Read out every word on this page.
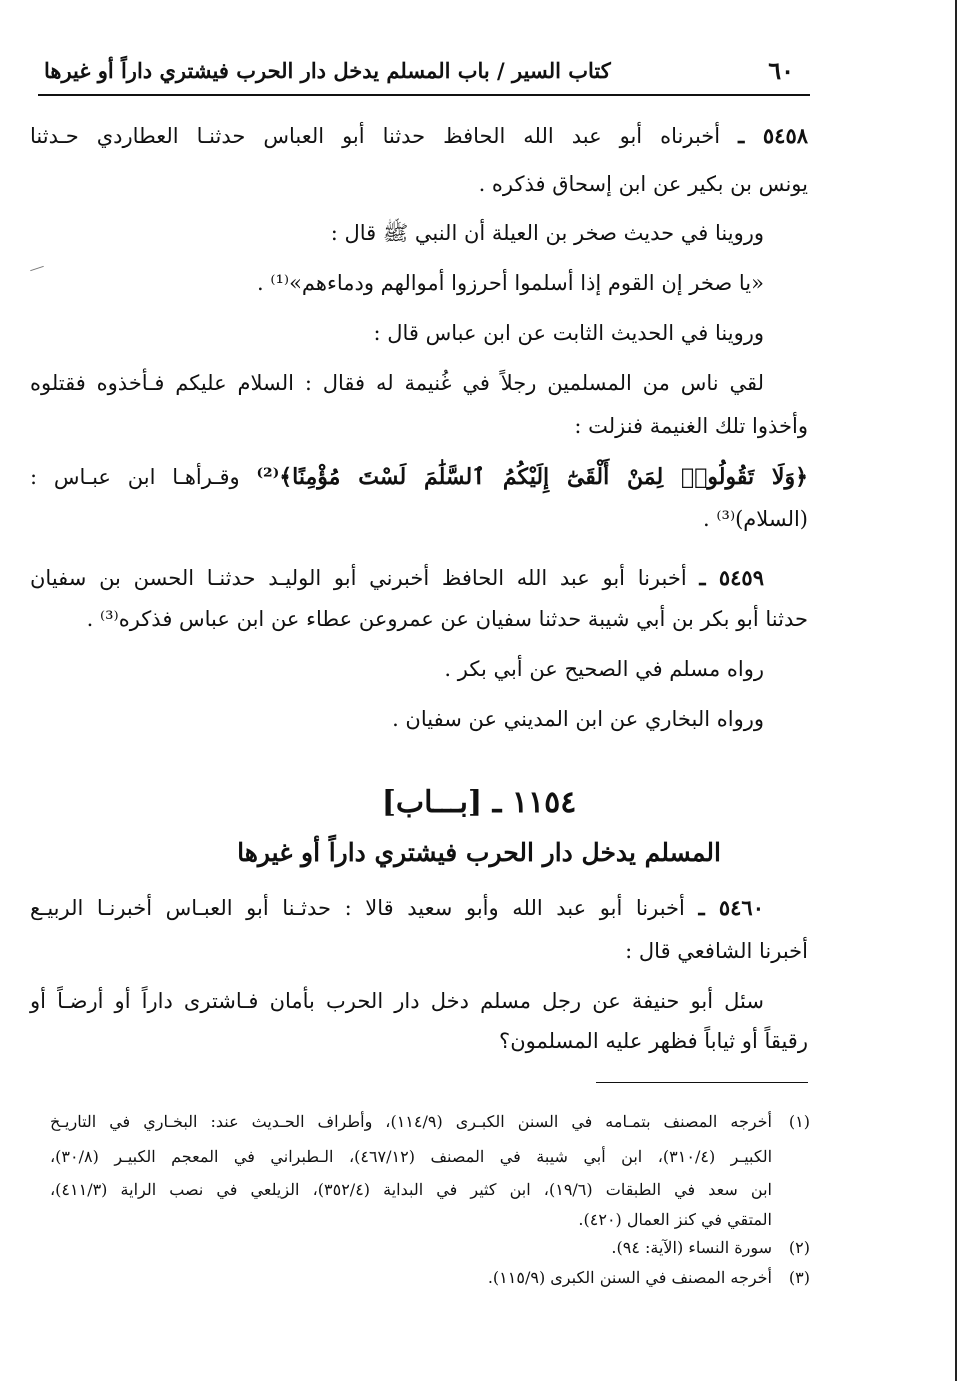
٦٠
كتاب السير / باب المسلم يدخل دار الحرب فيشتري داراً أو غيرها
٥٤٥٨ ـ أخبرناه أبو عبد الله الحافظ حدثنا أبو العباس حدثنـا العطاردي حـدثنا
يونس بن بكير عن ابن إسحاق فذكره .
وروينا في حديث صخر بن العيلة أن النبي ﷺ قال :
«يا صخر إن القوم إذا أسلموا أحرزوا أموالهم ودماءهم»⁽¹⁾ .
وروينا في الحديث الثابت عن ابن عباس قال :
لقي ناس من المسلمين رجلاً في غُنيمة له فقال : السلام عليكم فـأخذوه فقتلوه
وأخذوا تلك الغنيمة فنزلت :
﴿وَلَا تَقُولُوا۟ لِمَنْ أَلْقَىٰٓ إِلَيْكُمُ ٱلسَّلَٰمَ لَسْتَ مُؤْمِنًا﴾⁽²⁾ وقـرأهـا ابن عبـاس :
(السلام)⁽³⁾ .
٥٤٥٩ ـ أخبرنا أبو عبد الله الحافظ أخبرني أبو الوليـد حدثنـا الحسن بن سفيان
حدثنا أبو بكر بن أبي شيبة حدثنا سفيان عن عمروعن عطاء عن ابن عباس فذكره⁽³⁾ .
رواه مسلم في الصحيح عن أبي بكر .
ورواه البخاري عن ابن المديني عن سفيان .
١١٥٤ ـ [بـــاب]
المسلم يدخل دار الحرب فيشتري داراً أو غيرها
٥٤٦٠ ـ أخبرنا أبو عبد الله وأبو سعيد قالا : حدثـنا أبو العبـاس أخبرنـا الربيـع
أخبرنا الشافعي قال :
سئل أبو حنيفة عن رجل مسلم دخل دار الحرب بأمان فـاشترى داراً أو أرضـاً أو
رقيقاً أو ثياباً فظهر عليه المسلمون؟
(١)
أخرجه المصنف بتمـامه في السنن الكبـرى (١١٤/٩)، وأطراف الحـديث عند: البخـاري في التاريـخ
الكبيـر (٣١٠/٤)، ابن أبي شيبة في المصنف (٤٦٧/١٢)، الـطبراني في المعجم الكبيـر (٣٠/٨)،
ابن سعد في الطبقات (١٩/٦)، ابن كثير في البداية (٣٥٢/٤)، الزيلعي في نصب الراية (٤١١/٣)،
المتقي في كنز العمال (٤٢٠).
(٢)
سورة النساء (الآية: ٩٤).
(٣)
أخرجه المصنف في السنن الكبرى (١١٥/٩).
